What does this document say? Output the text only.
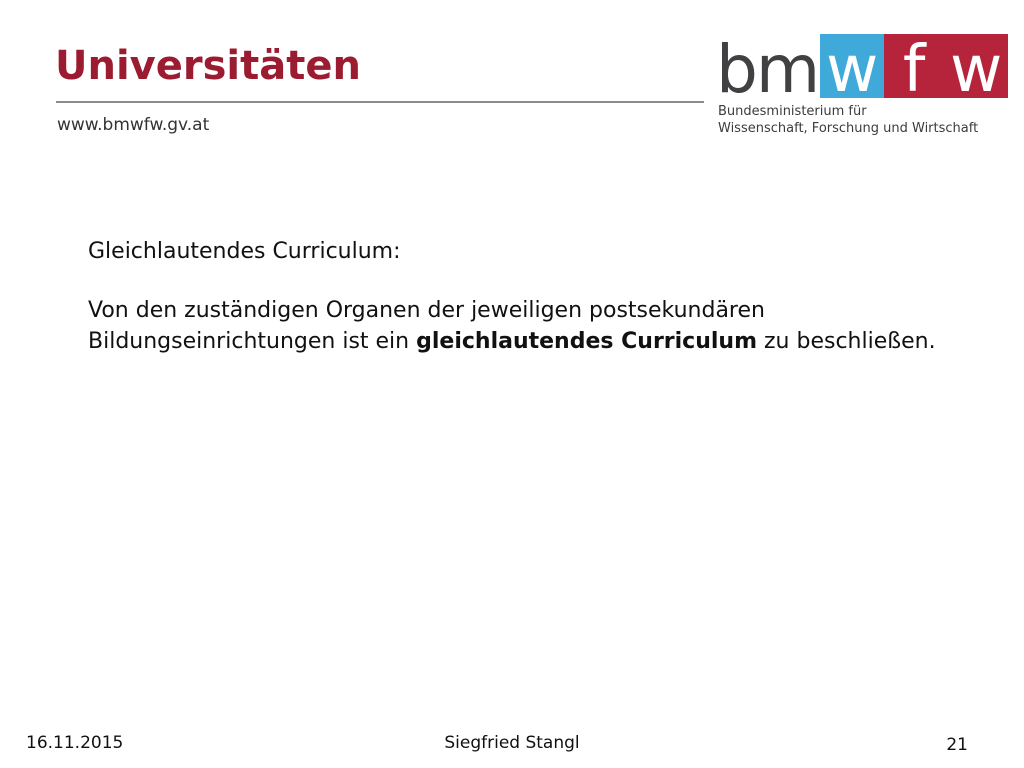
Universitäten
www.bmwfw.gv.at
bm w f w
Bundesministerium für
Wissenschaft, Forschung und Wirtschaft

Gleichlautendes Curriculum:

Von den zuständigen Organen der jeweiligen postsekundären Bildungseinrichtungen ist ein gleichlautendes Curriculum zu beschließen.

16.11.2015	Siegfried Stangl	21
